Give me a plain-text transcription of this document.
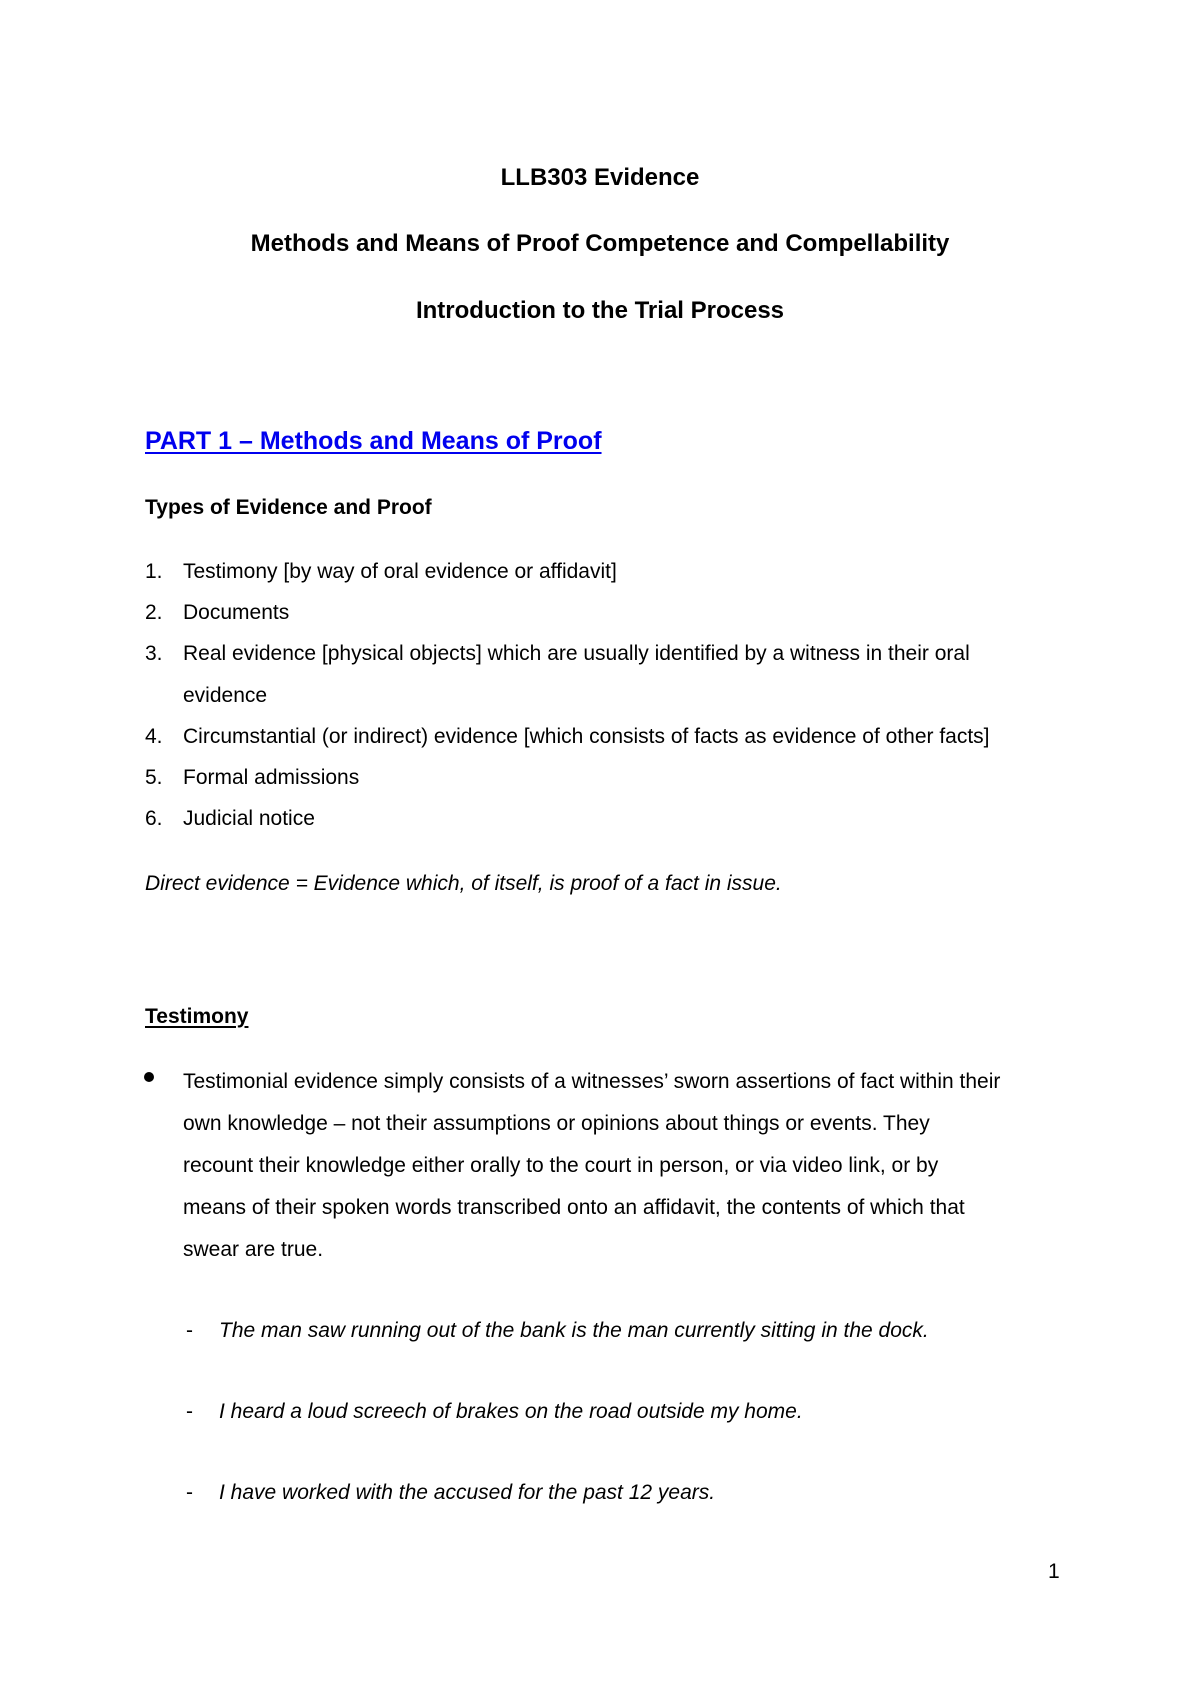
LLB303 Evidence
Methods and Means of Proof Competence and Compellability
Introduction to the Trial Process
PART 1 – Methods and Means of Proof
Types of Evidence and Proof
1. Testimony [by way of oral evidence or affidavit]
2. Documents
3. Real evidence [physical objects] which are usually identified by a witness in their oral
evidence
4. Circumstantial (or indirect) evidence [which consists of facts as evidence of other facts]
5. Formal admissions
6. Judicial notice
Direct evidence = Evidence which, of itself, is proof of a fact in issue.
Testimony
Testimonial evidence simply consists of a witnesses’ sworn assertions of fact within their
own knowledge – not their assumptions or opinions about things or events. They
recount their knowledge either orally to the court in person, or via video link, or by
means of their spoken words transcribed onto an affidavit, the contents of which that
swear are true.
- The man saw running out of the bank is the man currently sitting in the dock.
- I heard a loud screech of brakes on the road outside my home.
- I have worked with the accused for the past 12 years.
1
